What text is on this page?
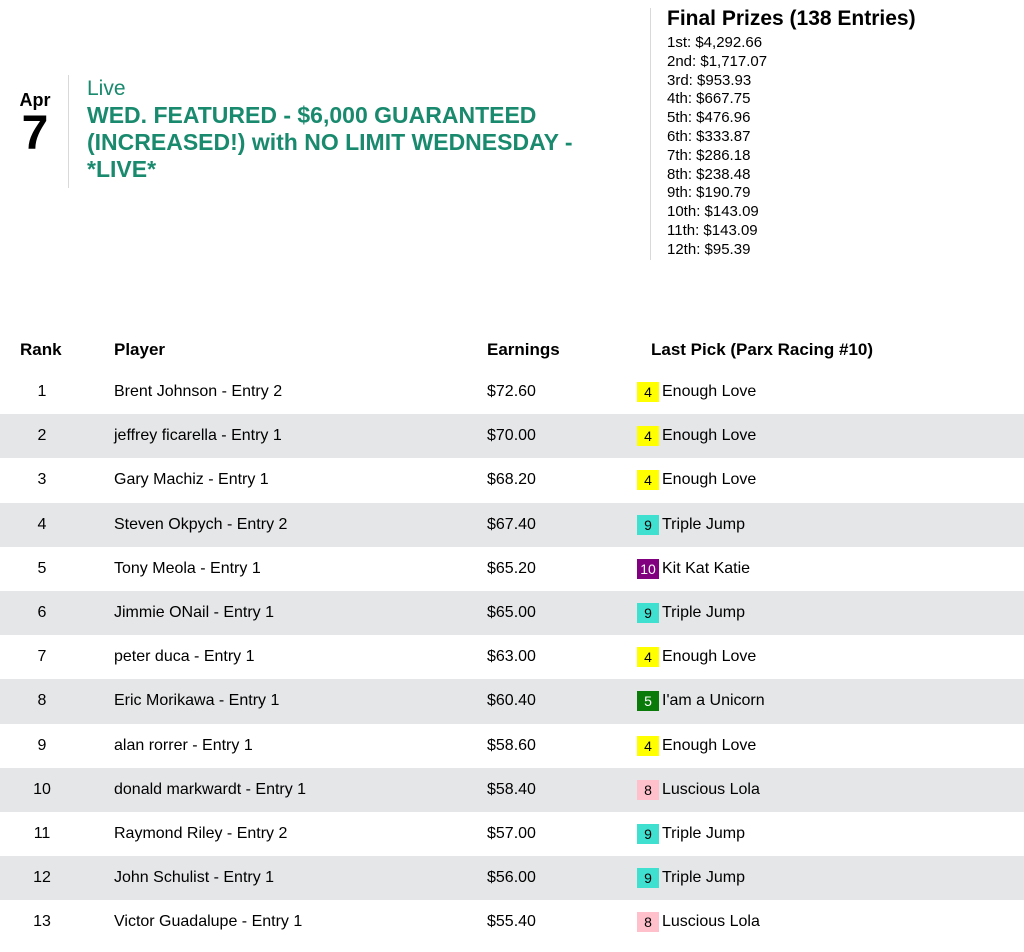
Apr
7
Live
WED. FEATURED - $6,000 GUARANTEED (INCREASED!) with NO LIMIT WEDNESDAY - *LIVE*
Final Prizes (138 Entries)
1st: $4,292.66
2nd: $1,717.07
3rd: $953.93
4th: $667.75
5th: $476.96
6th: $333.87
7th: $286.18
8th: $238.48
9th: $190.79
10th: $143.09
11th: $143.09
12th: $95.39
Rank	Player	Earnings	Last Pick (Parx Racing #10)
1	Brent Johnson - Entry 2	$72.60	4 Enough Love
2	jeffrey ficarella - Entry 1	$70.00	4 Enough Love
3	Gary Machiz - Entry 1	$68.20	4 Enough Love
4	Steven Okpych - Entry 2	$67.40	9 Triple Jump
5	Tony Meola - Entry 1	$65.20	10 Kit Kat Katie
6	Jimmie ONail - Entry 1	$65.00	9 Triple Jump
7	peter duca - Entry 1	$63.00	4 Enough Love
8	Eric Morikawa - Entry 1	$60.40	5 I'am a Unicorn
9	alan rorrer - Entry 1	$58.60	4 Enough Love
10	donald markwardt - Entry 1	$58.40	8 Luscious Lola
11	Raymond Riley - Entry 2	$57.00	9 Triple Jump
12	John Schulist - Entry 1	$56.00	9 Triple Jump
13	Victor Guadalupe - Entry 1	$55.40	8 Luscious Lola
